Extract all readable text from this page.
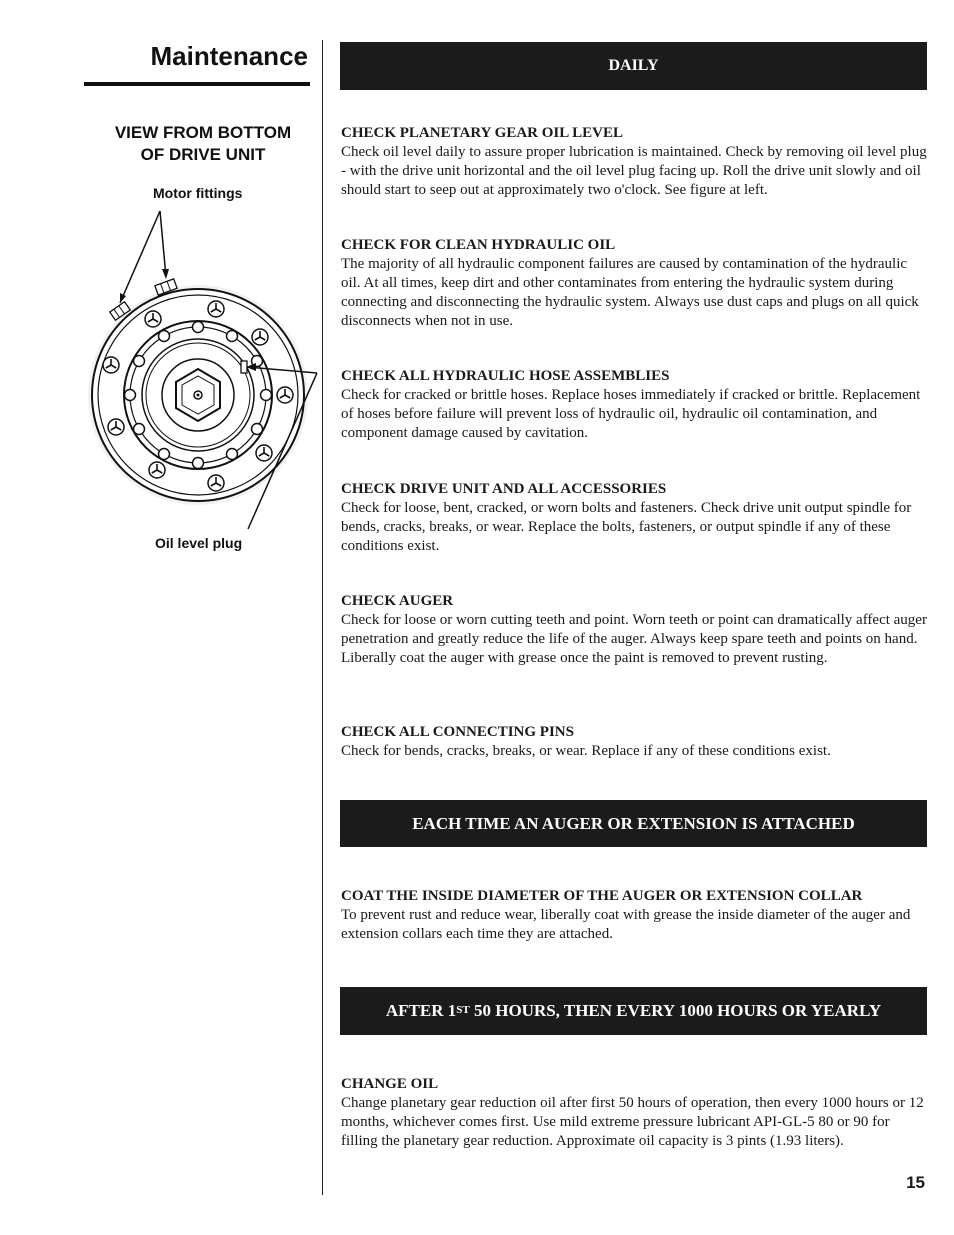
Maintenance
VIEW FROM BOTTOM
OF DRIVE UNIT
Motor fittings
Oil level plug
DAILY
CHECK PLANETARY GEAR OIL LEVEL
Check oil level daily to assure proper lubrication is maintained. Check by removing oil level plug - with the drive unit horizontal and the oil level plug facing up. Roll the drive unit slowly and oil should start to seep out at approximately two o'clock. See figure at left.
CHECK FOR CLEAN HYDRAULIC OIL
The majority of all hydraulic component failures are caused by contamination of the hydraulic oil. At all times, keep dirt and other contaminates from entering the hydraulic system during connecting and disconnecting the hydraulic system. Always use dust caps and plugs on all quick disconnects when not in use.
CHECK ALL HYDRAULIC HOSE ASSEMBLIES
Check for cracked or brittle hoses. Replace hoses immediately if cracked or brittle. Replacement of hoses before failure will prevent loss of hydraulic oil, hydraulic oil contamination, and component damage caused by cavitation.
CHECK DRIVE UNIT AND ALL ACCESSORIES
Check for loose, bent, cracked, or worn bolts and fasteners. Check drive unit output spindle for bends, cracks, breaks, or wear. Replace the bolts, fasteners, or output spindle if any of these conditions exist.
CHECK AUGER
Check for loose or worn cutting teeth and point. Worn teeth or point can dramatically affect auger penetration and greatly reduce the life of the auger. Always keep spare teeth and points on hand. Liberally coat the auger with grease once the paint is removed to prevent rusting.
CHECK ALL CONNECTING PINS
Check for bends, cracks, breaks, or wear. Replace if any of these conditions exist.
EACH TIME AN AUGER OR EXTENSION IS ATTACHED
COAT THE INSIDE DIAMETER OF THE AUGER OR EXTENSION COLLAR
To prevent rust and reduce wear, liberally coat with grease the inside diameter of the auger and extension collars each time they are attached.
AFTER 1ST 50 HOURS, THEN EVERY 1000 HOURS OR YEARLY
CHANGE OIL
Change planetary gear reduction oil after first 50 hours of operation, then every 1000 hours or 12 months, whichever comes first. Use mild extreme pressure lubricant API-GL-5 80 or 90 for filling the planetary gear reduction. Approximate oil capacity is 3 pints (1.93 liters).
15
